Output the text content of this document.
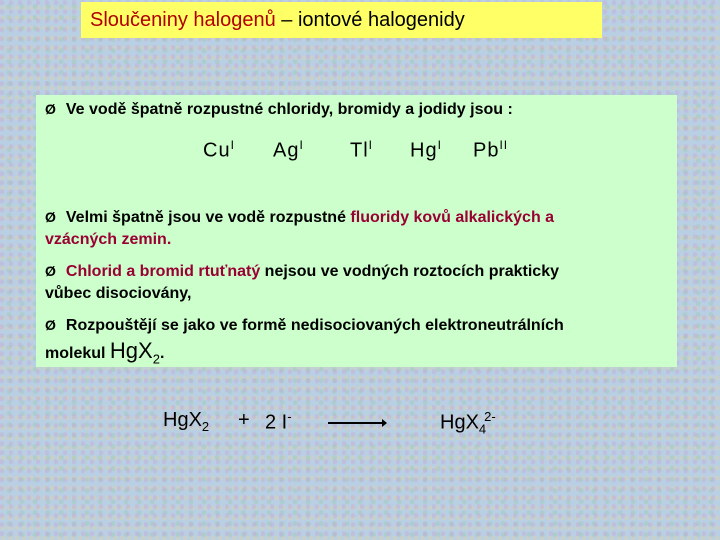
Sloučeniny halogenů – iontové halogenidy
Ø Ve vodě špatně rozpustné chloridy, bromidy a jodidy jsou :
$Cu^I$ $Ag^I$ $Tl^I$ $Hg^I$ $Pb^{II}$
Ø Velmi špatně jsou ve vodě rozpustné fluoridy kovů alkalických a
vzácných zemin.
Ø Chlorid a bromid rtuťnatý nejsou ve vodných roztocích prakticky
vůbec disociovány,
Ø Rozpouštějí se jako ve formě nedisociovaných elektroneutrálních
molekul HgX$_2$.
HgX$_2$ + 2 I-	HgX$_4^{2-}$
